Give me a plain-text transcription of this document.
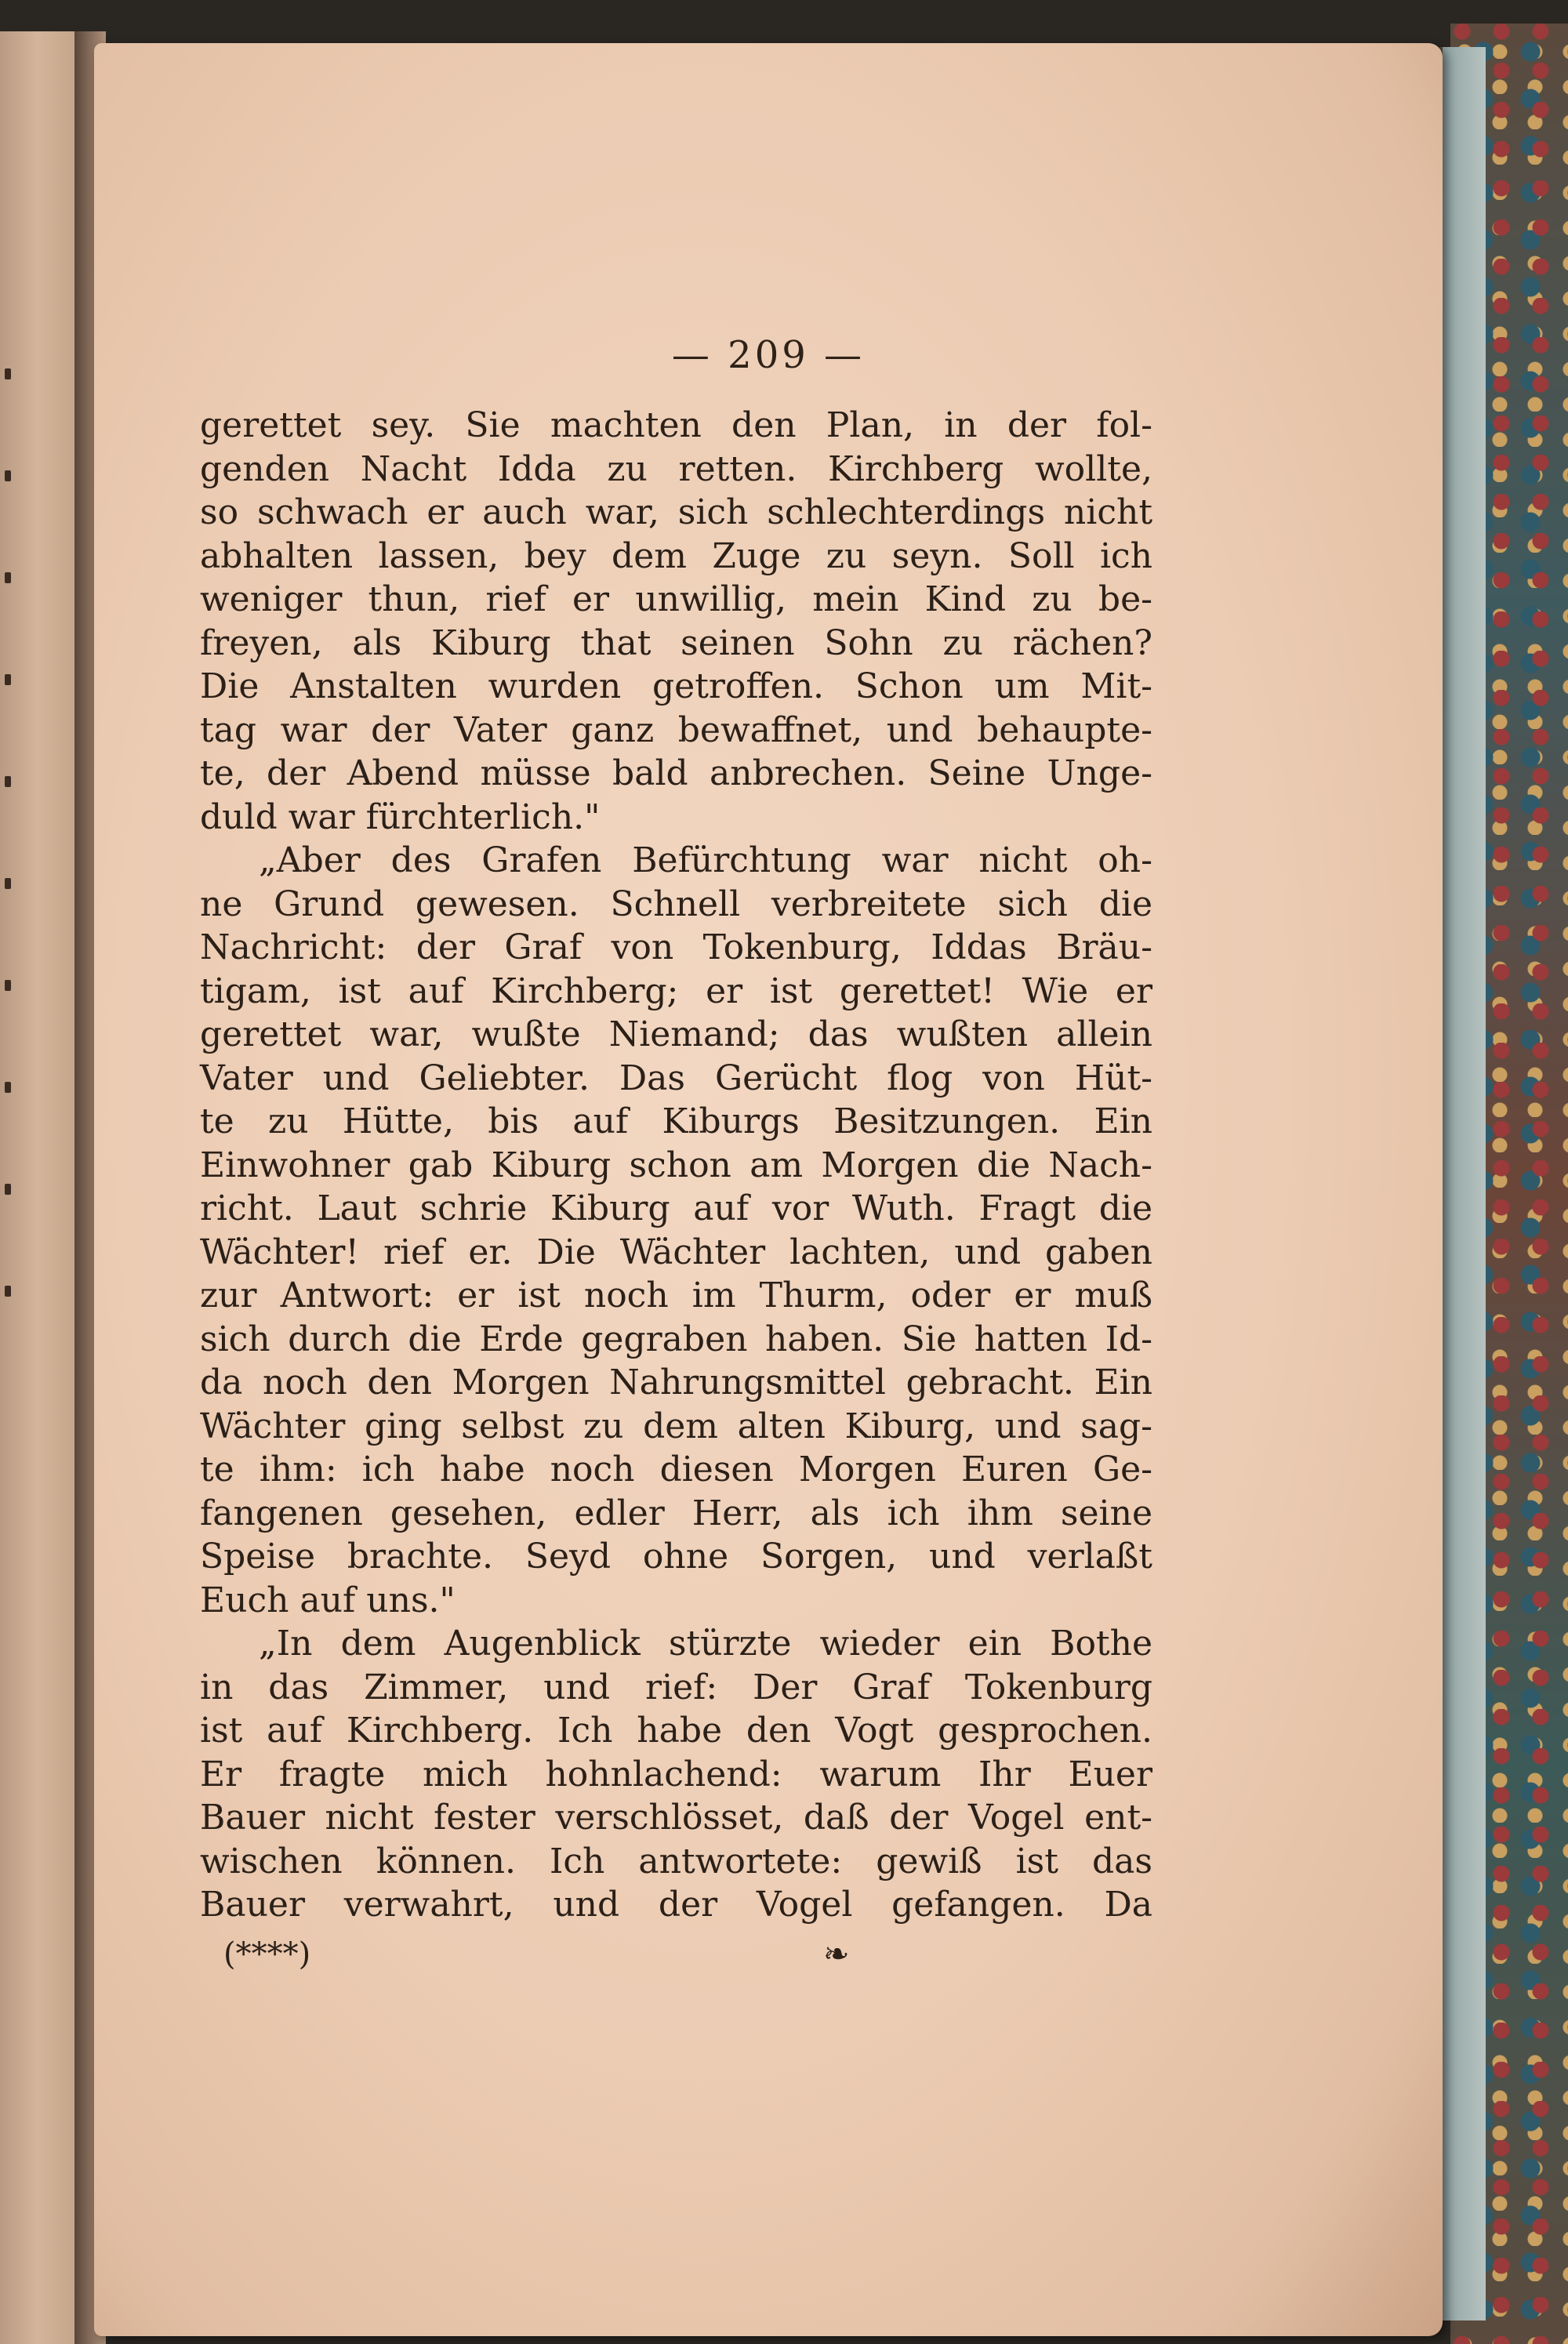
— 209 —
gerettet sey. Sie machten den Plan, in der fol-
genden Nacht Idda zu retten. Kirchberg wollte,
so schwach er auch war, sich schlechterdings nicht
abhalten lassen, bey dem Zuge zu seyn. Soll ich
weniger thun, rief er unwillig, mein Kind zu be-
freyen, als Kiburg that seinen Sohn zu rächen?
Die Anstalten wurden getroffen. Schon um Mit-
tag war der Vater ganz bewaffnet, und behaupte-
te, der Abend müsse bald anbrechen. Seine Unge-
duld war fürchterlich."
„Aber des Grafen Befürchtung war nicht oh-
ne Grund gewesen. Schnell verbreitete sich die
Nachricht: der Graf von Tokenburg, Iddas Bräu-
tigam, ist auf Kirchberg; er ist gerettet! Wie er
gerettet war, wußte Niemand; das wußten allein
Vater und Geliebter. Das Gerücht flog von Hüt-
te zu Hütte, bis auf Kiburgs Besitzungen. Ein
Einwohner gab Kiburg schon am Morgen die Nach-
richt. Laut schrie Kiburg auf vor Wuth. Fragt die
Wächter! rief er. Die Wächter lachten, und gaben
zur Antwort: er ist noch im Thurm, oder er muß
sich durch die Erde gegraben haben. Sie hatten Id-
da noch den Morgen Nahrungsmittel gebracht. Ein
Wächter ging selbst zu dem alten Kiburg, und sag-
te ihm: ich habe noch diesen Morgen Euren Ge-
fangenen gesehen, edler Herr, als ich ihm seine
Speise brachte. Seyd ohne Sorgen, und verlaßt
Euch auf uns."
„In dem Augenblick stürzte wieder ein Bothe
in das Zimmer, und rief: Der Graf Tokenburg
ist auf Kirchberg. Ich habe den Vogt gesprochen.
Er fragte mich hohnlachend: warum Ihr Euer
Bauer nicht fester verschlösset, daß der Vogel ent-
wischen können. Ich antwortete: gewiß ist das
Bauer verwahrt, und der Vogel gefangen. Da
(****)	❧
